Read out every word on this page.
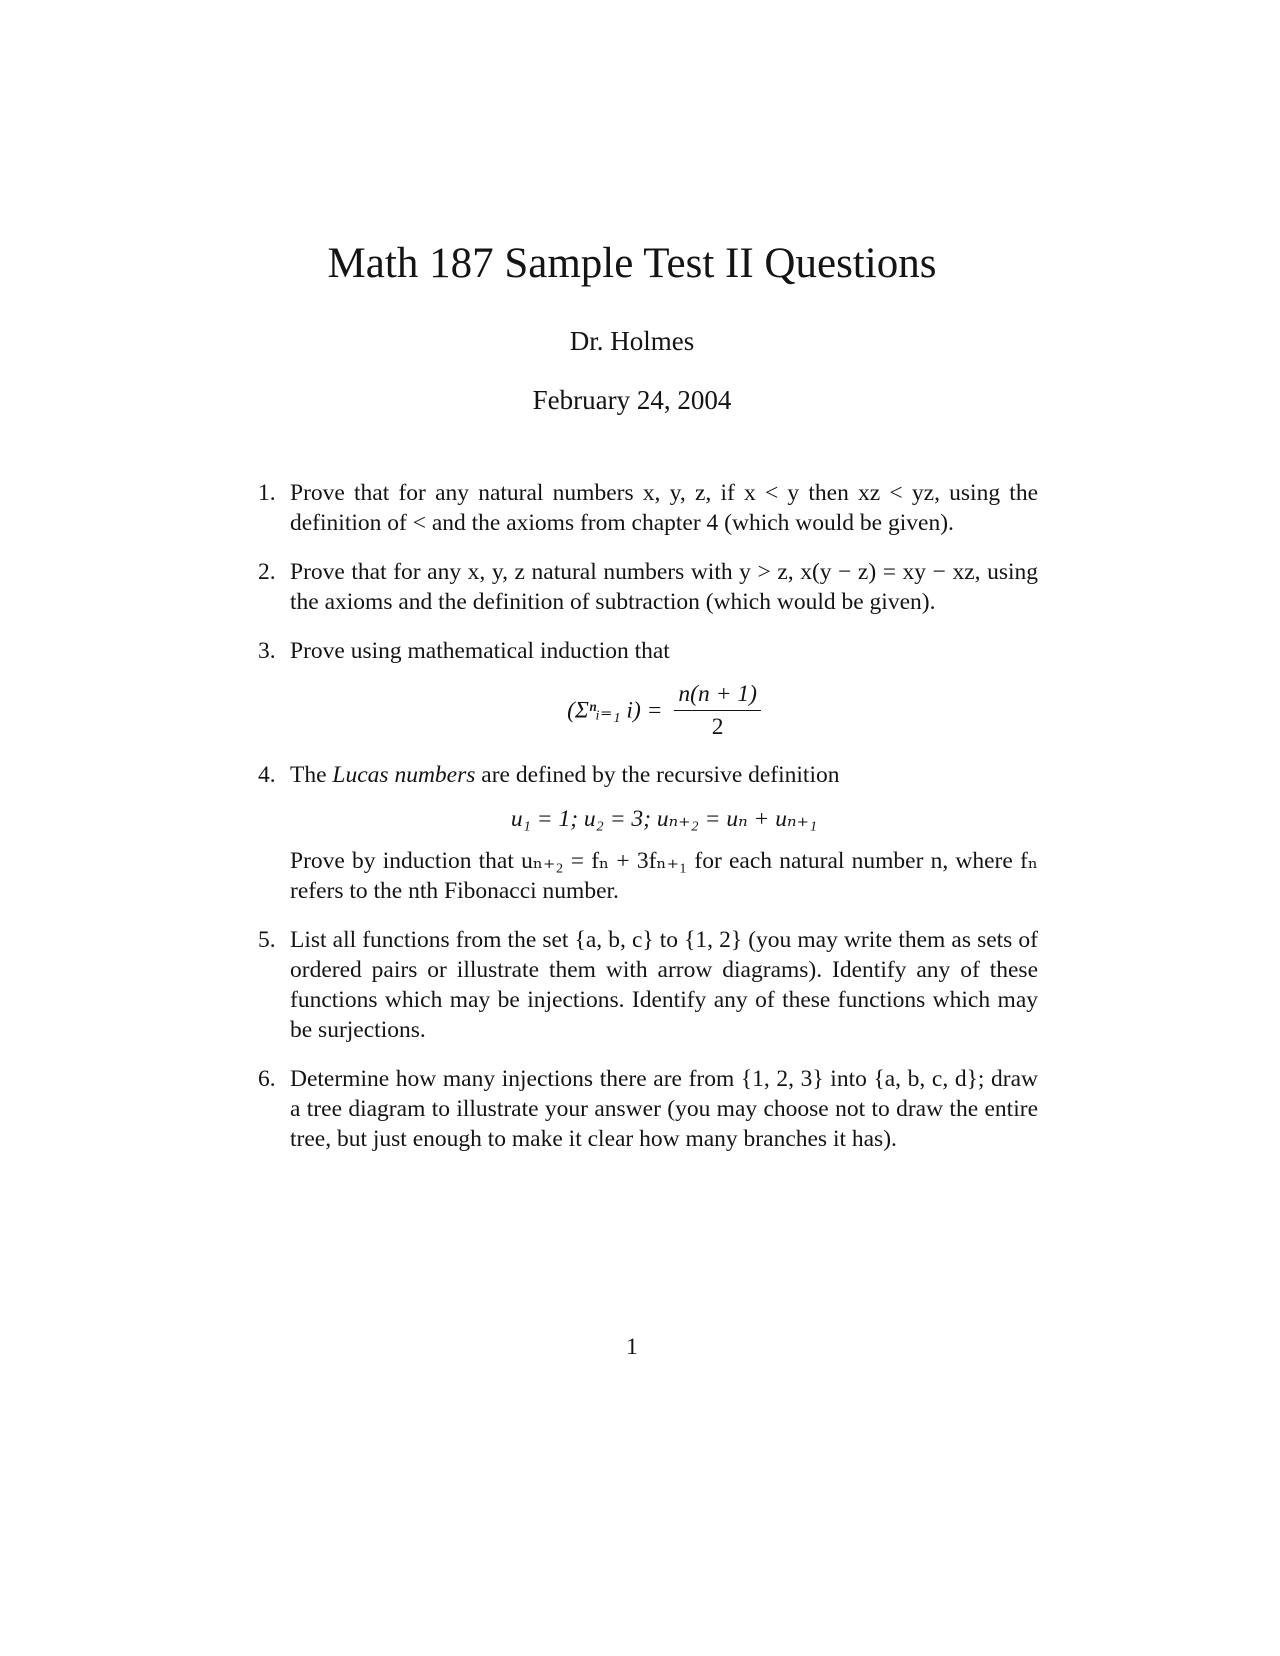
Math 187 Sample Test II Questions
Dr. Holmes
February 24, 2004
1. Prove that for any natural numbers x, y, z, if x < y then xz < yz, using the definition of < and the axioms from chapter 4 (which would be given).
2. Prove that for any x, y, z natural numbers with y > z, x(y − z) = xy − xz, using the axioms and the definition of subtraction (which would be given).
3. Prove using mathematical induction that
(Σⁿᵢ₌₁ $i) = \frac{n(n + 1)}{2}$
4. The Lucas numbers are defined by the recursive definition
u₁ = 1; u₂ = 3; uₙ₊₂ = uₙ + uₙ₊₁
Prove by induction that uₙ₊₂ = fₙ + 3fₙ₊₁ for each natural number n, where fₙ refers to the nth Fibonacci number.
5. List all functions from the set {a, b, c} to {1, 2} (you may write them as sets of ordered pairs or illustrate them with arrow diagrams). Identify any of these functions which may be injections. Identify any of these functions which may be surjections.
6. Determine how many injections there are from {1, 2, 3} into {a, b, c, d}; draw a tree diagram to illustrate your answer (you may choose not to draw the entire tree, but just enough to make it clear how many branches it has).
1
